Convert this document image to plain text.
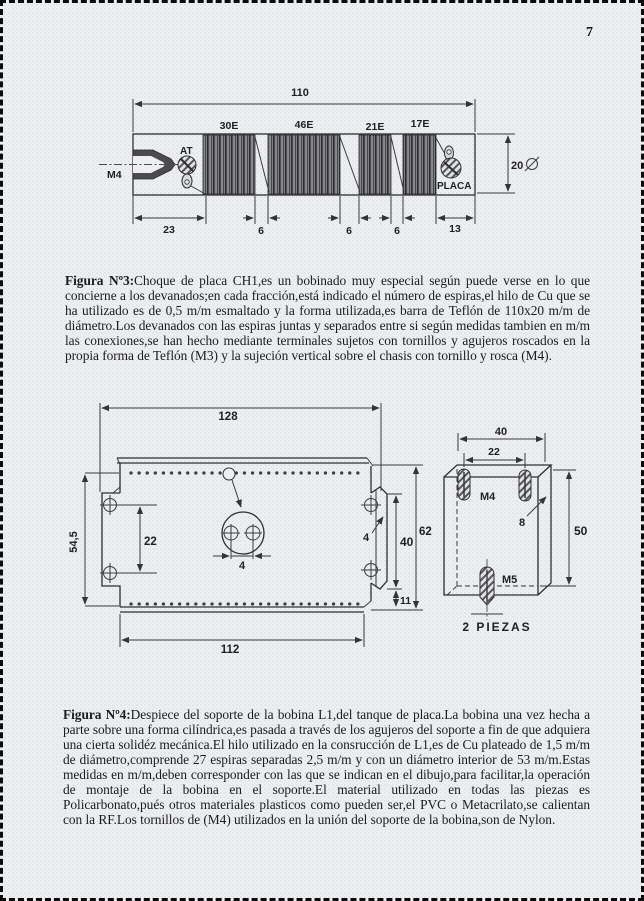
7
30E	46E	21E	17E
M4
AT
PLACA
110
20
23	6	6	6	13
4
22
54,5
128
62
40
11
112
4
M4
22
40
50
8
M5
2 PIEZAS

Figura Nº3:Choque de placa CH1,es un bobinado muy especial según puede verse en lo que concierne a los devanados;en cada fracción,está indicado el número de espiras,el hilo de Cu que se ha utilizado es de 0,5 m/m esmaltado y la forma utilizada,es barra de Teflón de 110x20 m/m de diámetro.Los devanados con las espiras juntas y separados entre si según medidas tambien en m/m las conexiones,se han hecho mediante terminales sujetos con tornillos y agujeros roscados en la propia forma de Teflón (M3) y la sujeción vertical sobre el chasis con tornillo y rosca (M4).

Figura Nº4:Despiece del soporte de la bobina L1,del tanque de placa.La bobina una vez hecha a parte sobre una forma cilíndrica,es pasada a través de los agujeros del soporte a fin de que adquiera una cierta solidéz mecánica.El hilo utilizado en la consrucción de L1,es de Cu plateado de 1,5 m/m de diámetro,comprende 27 espiras separadas 2,5 m/m y con un diámetro interior de 53 m/m.Estas medidas en m/m,deben corresponder con las que se indican en el dibujo,para facilitar,la operación de montaje de la bobina en el soporte.El material utilizado en todas las piezas es Policarbonato,pués otros materiales plasticos como pueden ser,el PVC o Metacrilato,se calientan con la RF.Los tornillos de (M4) utilizados en la unión del soporte de la bobina,son de Nylon.
